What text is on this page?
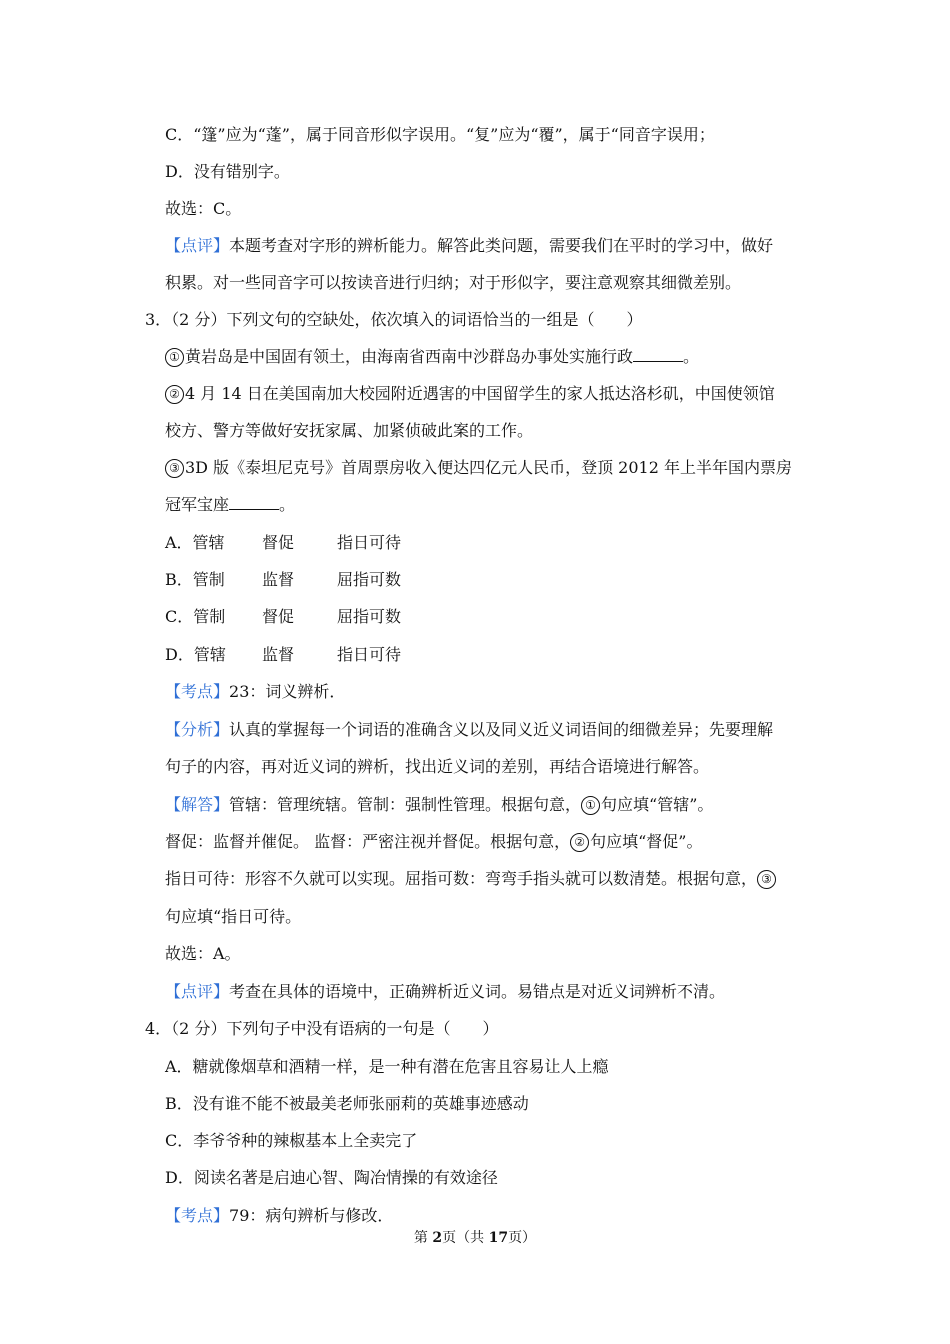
C．“篷”应为“蓬”，属于同音形似字误用。“复”应为“覆”，属于“同音字误用；
D．没有错别字。
故选：C。
【点评】本题考查对字形的辨析能力。解答此类问题，需要我们在平时的学习中，做好
积累。对一些同音字可以按读音进行归纳；对于形似字，要注意观察其细微差别。
3．（2 分）下列文句的空缺处，依次填入的词语恰当的一组是（　　）
① 黄岩岛是中国固有领土，由海南省西南中沙群岛办事处实施行政	。
② 4 月 14 日在美国南加大校园附近遇害的中国留学生的家人抵达洛杉矶，中国使领馆
校方、警方等做好安抚家属、加紧侦破此案的工作。
③ 3D 版《泰坦尼克号》首周票房收入便达四亿元人民币，登顶 2012 年上半年国内票房
冠军宝座	。
A．管辖 督促	指日可待
B．管制 监督	屈指可数
C．管制 督促	屈指可数
D．管辖 监督	指日可待
【考点】23：词义辨析．
【分析】认真的掌握每一个词语的准确含义以及同义近义词语间的细微差异；先要理解
句子的内容，再对近义词的辨析，找出近义词的差别，再结合语境进行解答。
【解答】管辖：管理统辖。管制：强制性管理。根据句意， ① 句应填“管辖”。
督促：监督并催促。 监督：严密注视并督促。根据句意， ② 句应填“督促”。
指日可待：形容不久就可以实现。屈指可数：弯弯手指头就可以数清楚。根据句意， ③
句应填“指日可待。
故选：A。
【点评】考查在具体的语境中，正确辨析近义词。易错点是对近义词辨析不清。
4．（2 分）下列句子中没有语病的一句是（　　）
A．糖就像烟草和酒精一样，是一种有潜在危害且容易让人上瘾
B．没有谁不能不被最美老师张丽莉的英雄事迹感动
C．李爷爷种的辣椒基本上全卖完了
D．阅读名著是启迪心智、陶冶情操的有效途径
【考点】79：病句辨析与修改．
第 2页（共 17页）
